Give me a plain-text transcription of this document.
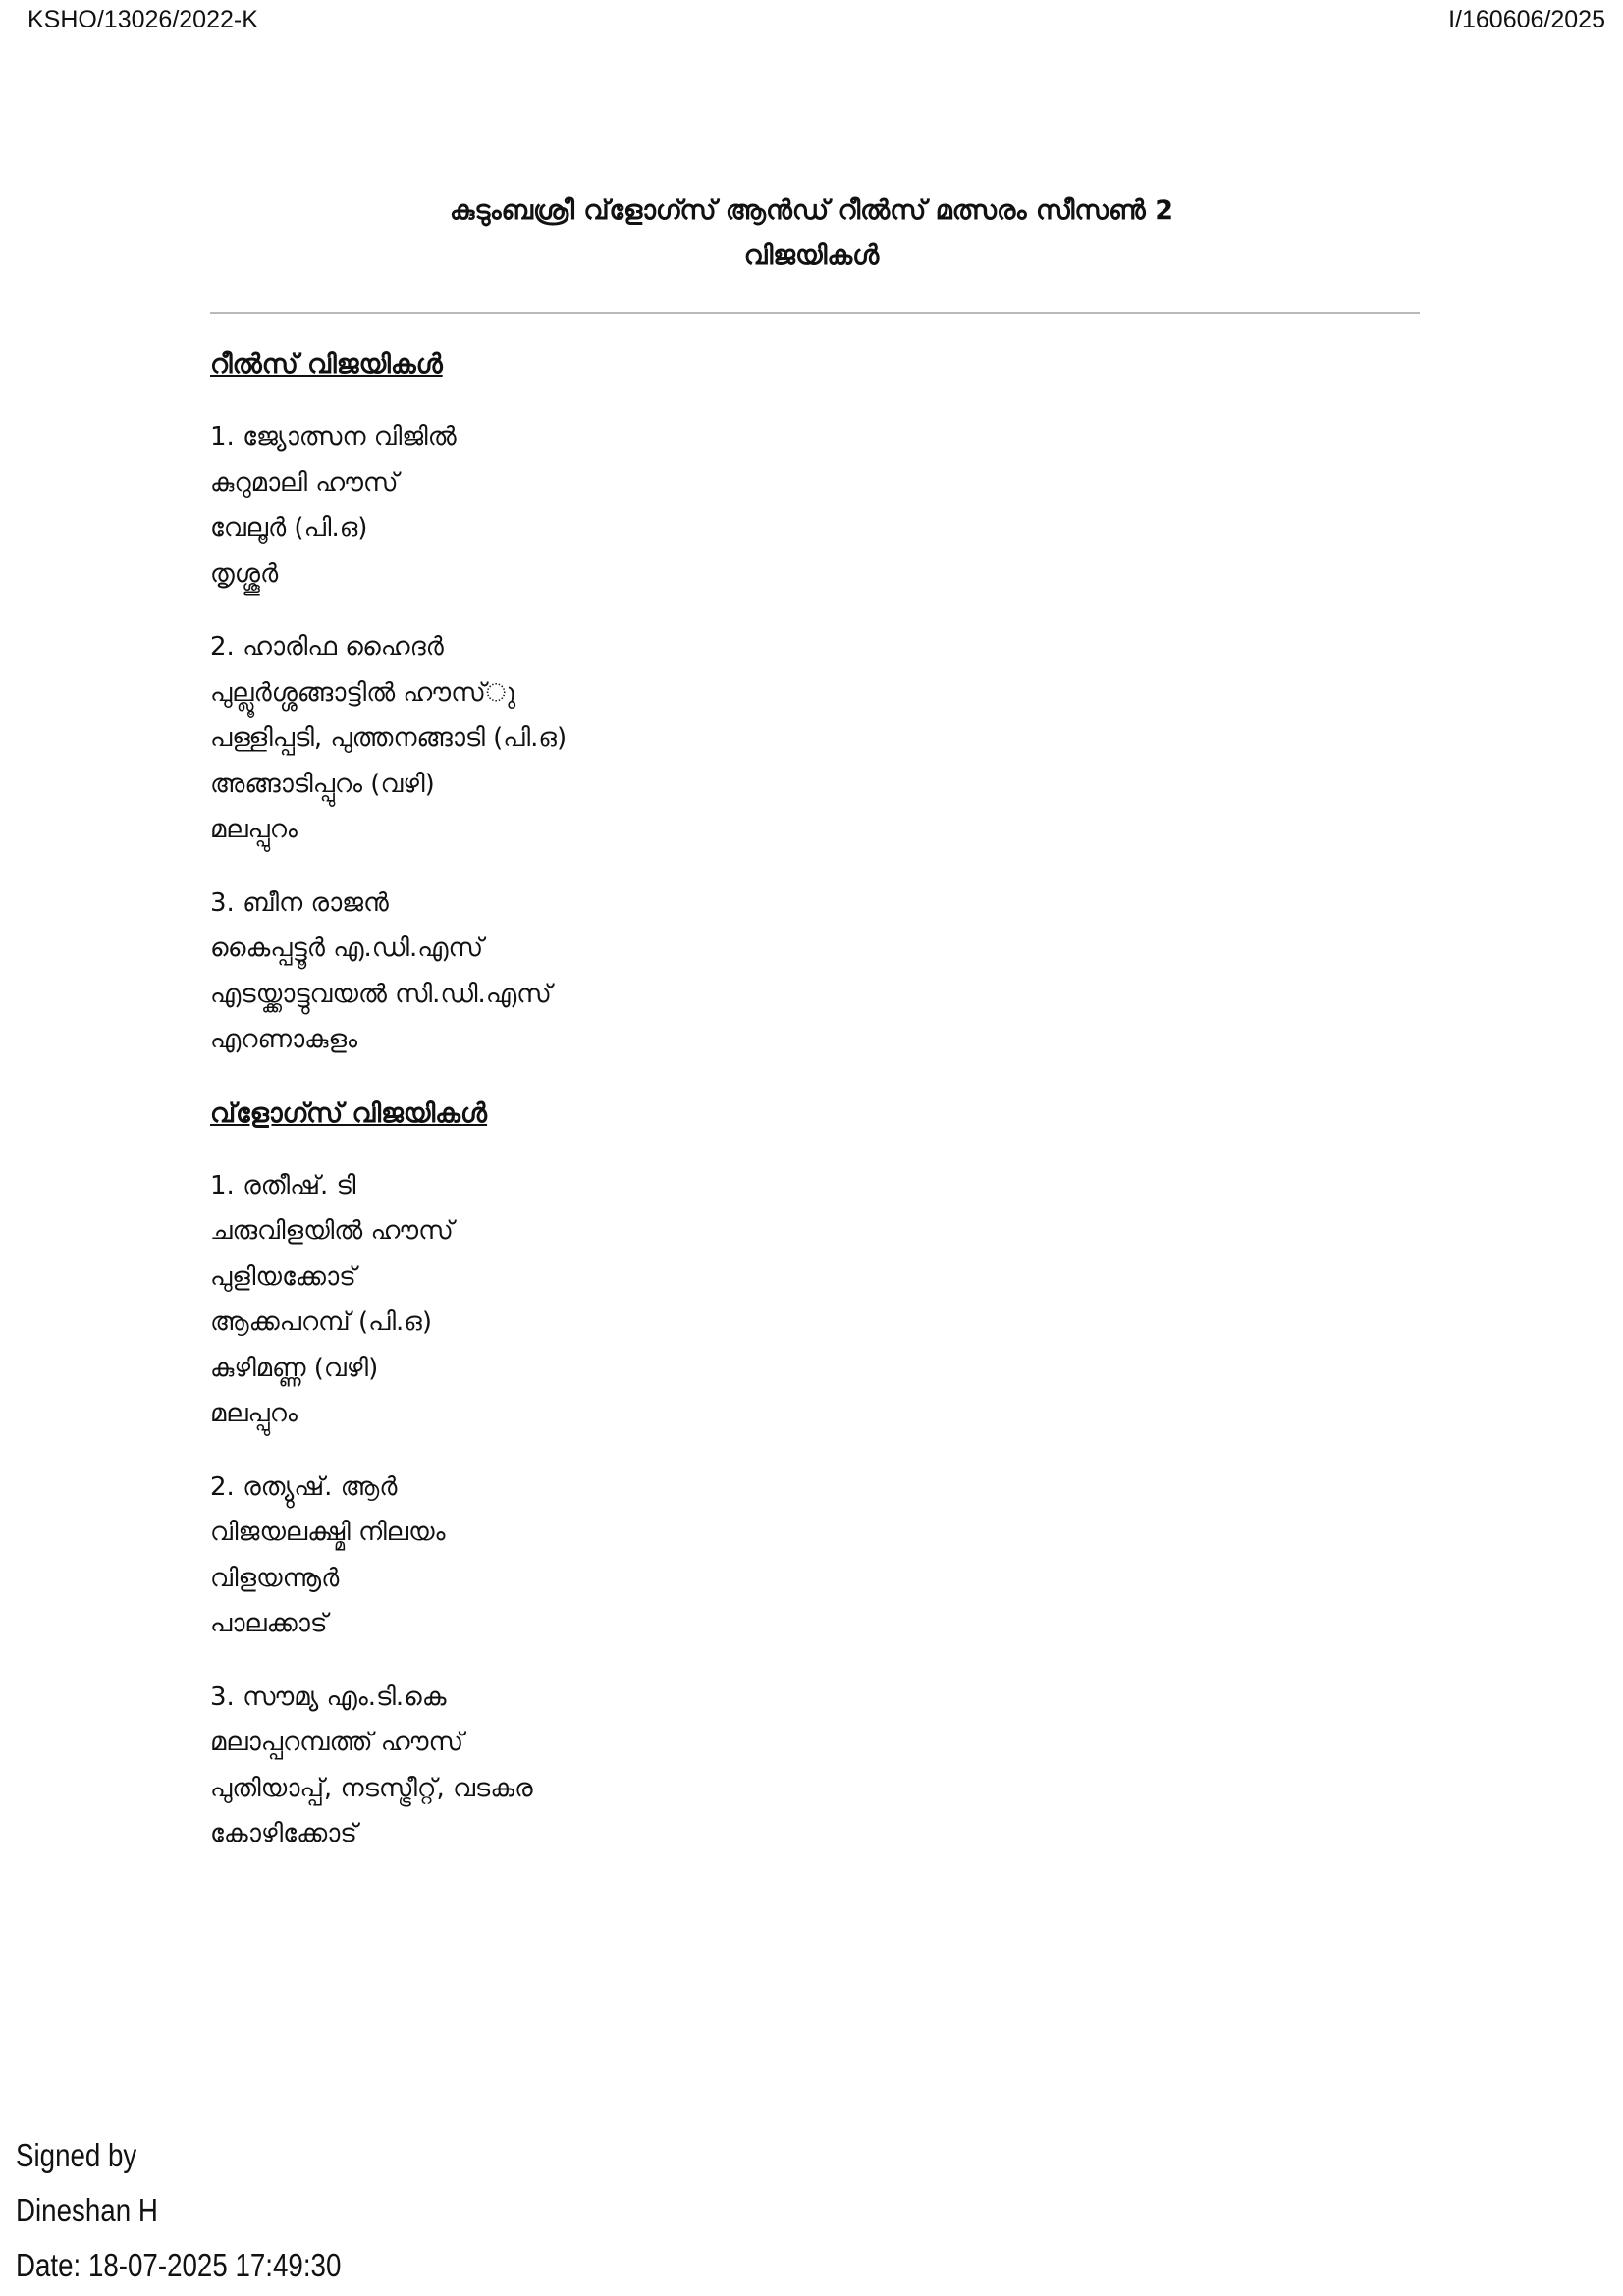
KSHO/13026/2022-K	I/160606/2025

കുടുംബശ്രീ വ്‌ളോഗ്സ് ആൻഡ് റീൽസ് മത്സരം സീസൺ 2

വിജയികൾ

റീൽസ് വിജയികൾ

1. ജ്യോത്സന വിജിൽ

കുറുമാലി ഹൗസ്

വേലൂർ (പി.ഒ)

തൃശ്ശൂർ

2. ഹാരിഫ ഹൈദർ

പുല്ലൂർശ്ശങ്ങാട്ടിൽ ഹൗസ്‌ു

പള്ളിപ്പടി, പുത്തനങ്ങാടി (പി.ഒ)

അങ്ങാടിപ്പുറം (വഴി)

മലപ്പുറം

3. ബീന രാജൻ

കൈപ്പട്ടൂർ എ.ഡി.എസ്

എടയ്ക്കാട്ടുവയൽ സി.ഡി.എസ്

എറണാകുളം

വ്‌ളോഗ്സ് വിജയികൾ

1. രതീഷ്. ടി

ചരുവിളയിൽ ഹൗസ്

പുളിയക്കോട്

ആക്കപറമ്പ് (പി.ഒ)

കുഴിമണ്ണ (വഴി)

മലപ്പുറം

2. രത്യുഷ്. ആർ

വിജയലക്ഷ്മി നിലയം

വിളയന്നൂർ

പാലക്കാട്

3. സൗമ്യ എം.ടി.കെ

മലാപ്പറമ്പത്ത് ഹൗസ്

പുതിയാപ്പ്, നടസ്ട്രീറ്റ്, വടകര

കോഴിക്കോട്

Signed by
Dineshan H
Date: 18-07-2025 17:49:30
